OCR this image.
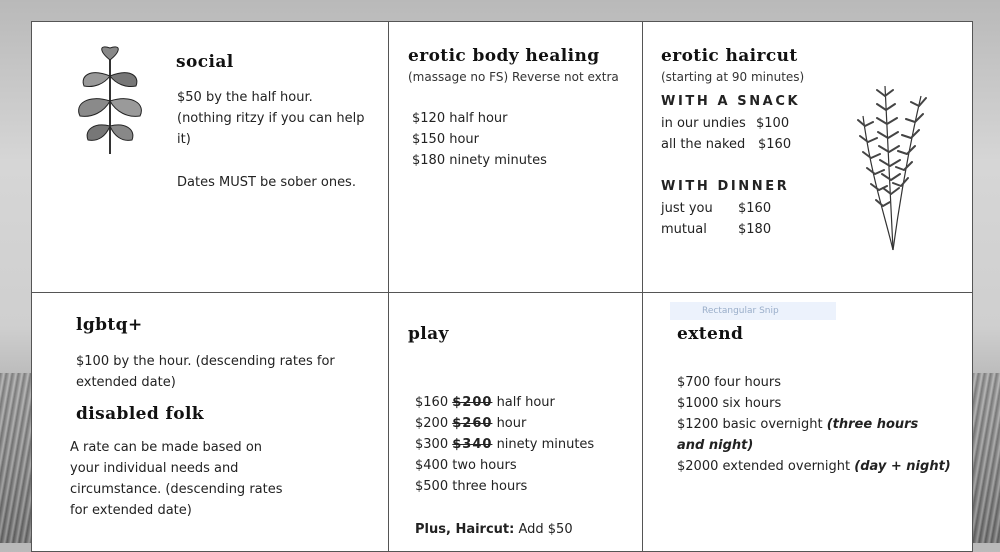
social
$50 by the half hour.
(nothing ritzy if you can help it)
Dates MUST be sober ones.
erotic body healing
(massage no FS) Reverse not extra
$120 half hour
$150 hour
$180 ninety minutes
erotic haircut
(starting at 90 minutes)
WITH A SNACK
in our undies $100
all the naked $160
WITH DINNER
just you $160
mutual $180
lgbtq+
$100 by the hour. (descending rates for extended date)
disabled folk
A rate can be made based on your individual needs and circumstance. (descending rates for extended date)
play
$160 $200 half hour
$200 $260 hour
$300 $340 ninety minutes
$400 two hours
$500 three hours
Plus, Haircut: Add $50
extend
$700 four hours
$1000 six hours
$1200 basic overnight (three hours and night)
$2000 extended overnight (day + night)
Rectangular Snip
